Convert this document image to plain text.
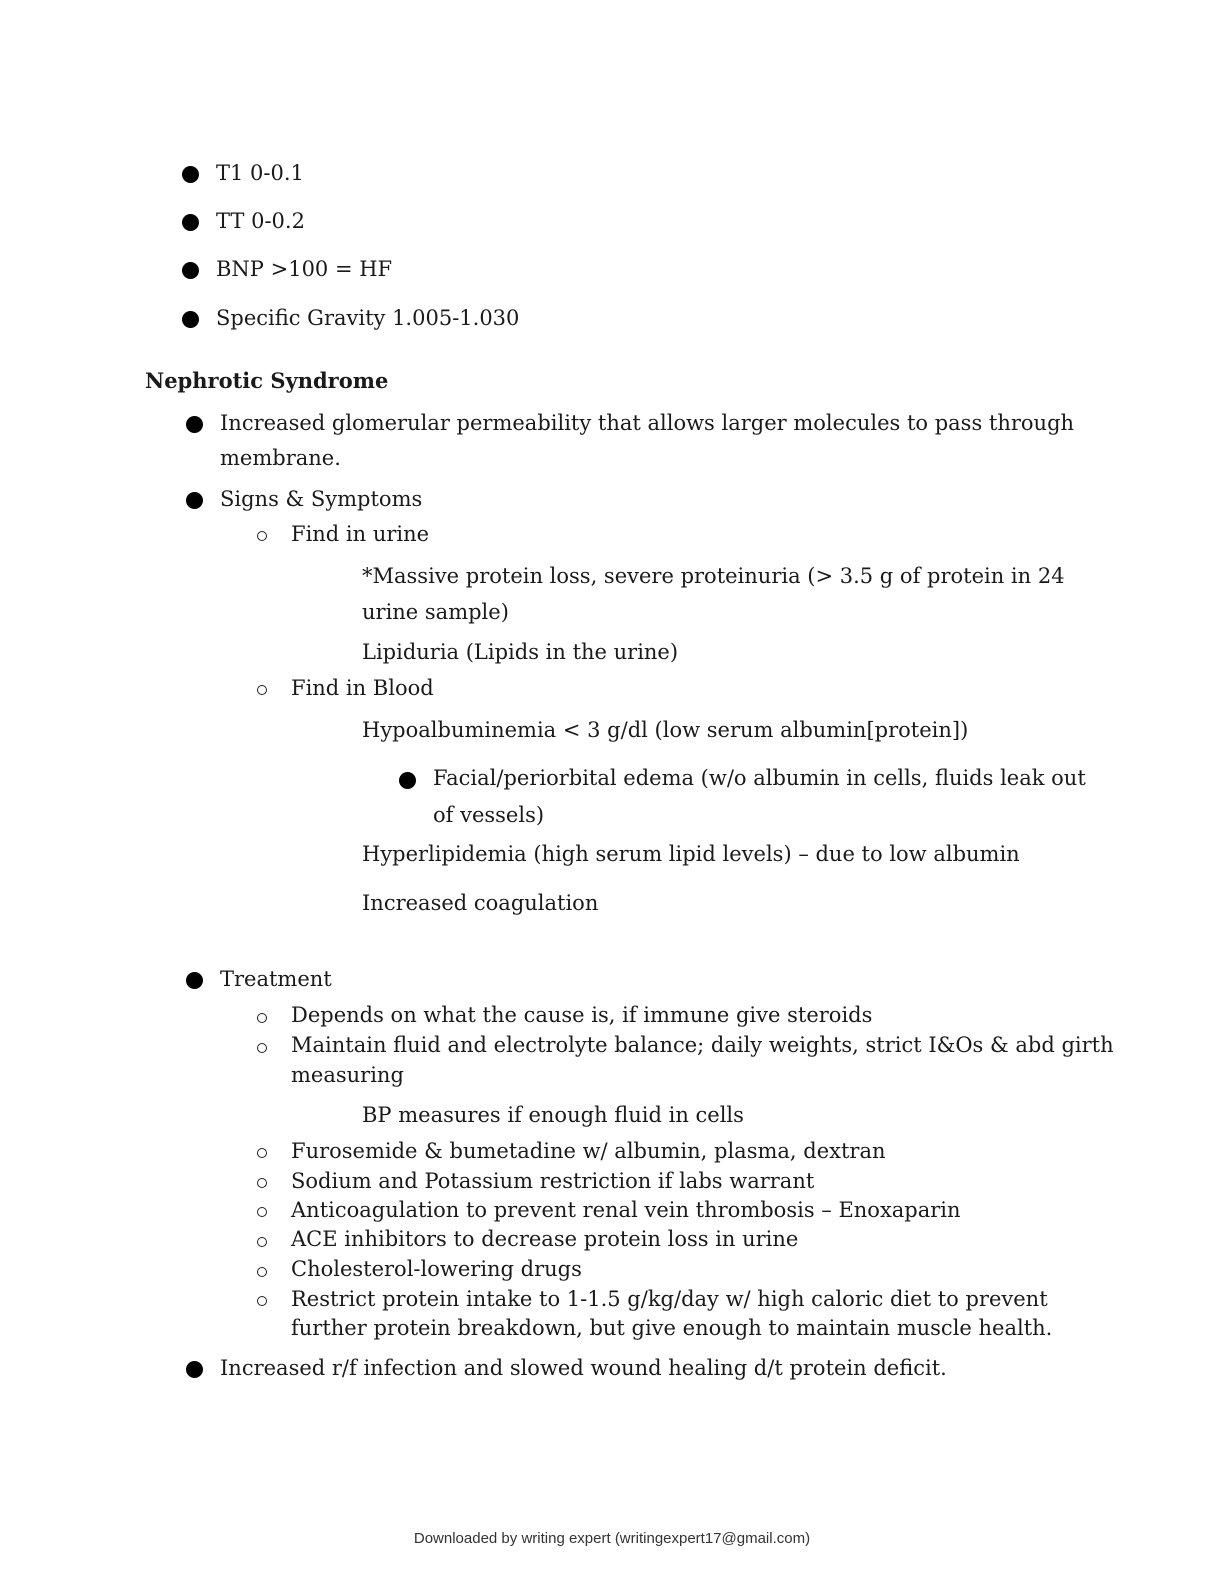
T1 0-0.1
TT 0-0.2
BNP >100 = HF
Specific Gravity 1.005-1.030
Nephrotic Syndrome
Increased glomerular permeability that allows larger molecules to pass through
membrane.
Signs & Symptoms
Find in urine
*Massive protein loss, severe proteinuria (> 3.5 g of protein in 24
urine sample)
Lipiduria (Lipids in the urine)
Find in Blood
Hypoalbuminemia < 3 g/dl (low serum albumin[protein])
Facial/periorbital edema (w/o albumin in cells, fluids leak out
of vessels)
Hyperlipidemia (high serum lipid levels) – due to low albumin
Increased coagulation
Treatment
Depends on what the cause is, if immune give steroids
Maintain fluid and electrolyte balance; daily weights, strict I&Os & abd girth
measuring
BP measures if enough fluid in cells
Furosemide & bumetadine w/ albumin, plasma, dextran
Sodium and Potassium restriction if labs warrant
Anticoagulation to prevent renal vein thrombosis – Enoxaparin
ACE inhibitors to decrease protein loss in urine
Cholesterol-lowering drugs
Restrict protein intake to 1-1.5 g/kg/day w/ high caloric diet to prevent
further protein breakdown, but give enough to maintain muscle health.
Increased r/f infection and slowed wound healing d/t protein deficit.
Downloaded by writing expert (writingexpert17@gmail.com)
